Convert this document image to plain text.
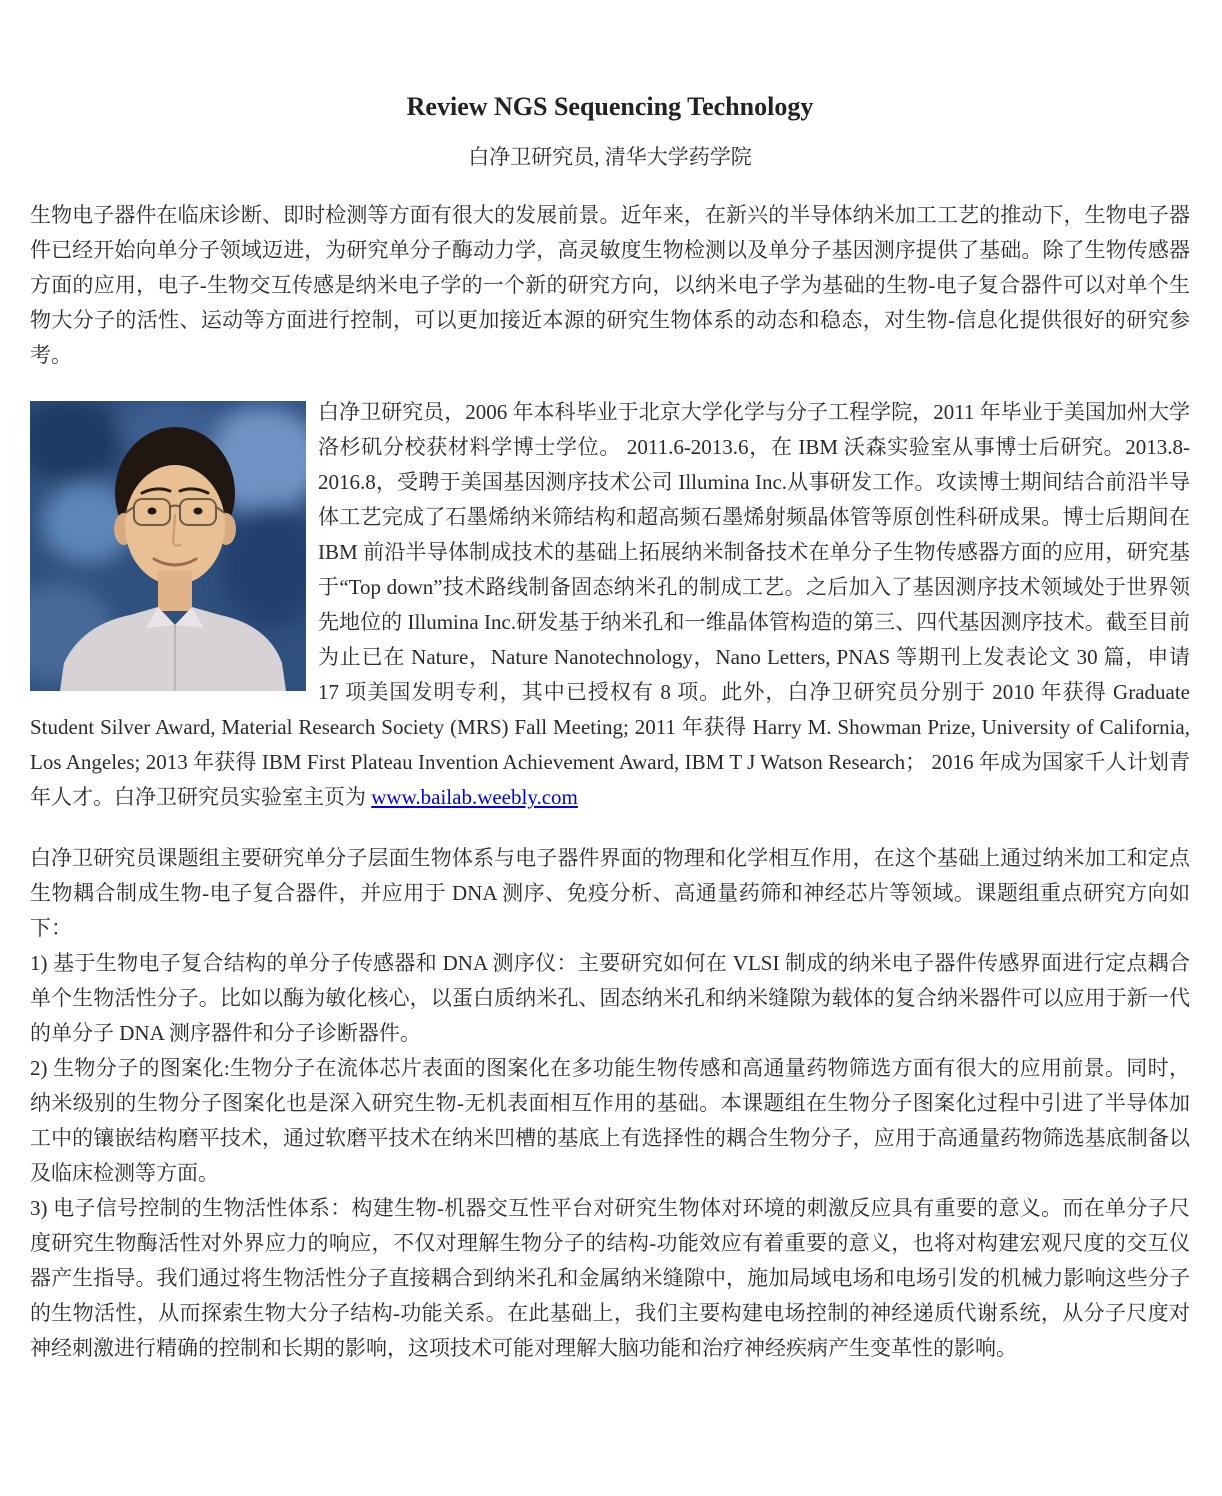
Review NGS Sequencing Technology
白净卫研究员, 清华大学药学院

生物电子器件在临床诊断、即时检测等方面有很大的发展前景。近年来，在新兴的半导体纳米加工工艺的推动下，生物电子器件已经开始向单分子领域迈进，为研究单分子酶动力学，高灵敏度生物检测以及单分子基因测序提供了基础。除了生物传感器方面的应用，电子-生物交互传感是纳米电子学的一个新的研究方向，以纳米电子学为基础的生物-电子复合器件可以对单个生物大分子的活性、运动等方面进行控制，可以更加接近本源的研究生物体系的动态和稳态，对生物-信息化提供很好的研究参考。

白净卫研究员，2006 年本科毕业于北京大学化学与分子工程学院，2011 年毕业于美国加州大学洛杉矶分校获材料学博士学位。 2011.6-2013.6，在 IBM 沃森实验室从事博士后研究。2013.8-2016.8，受聘于美国基因测序技术公司 Illumina Inc.从事研发工作。攻读博士期间结合前沿半导体工艺完成了石墨烯纳米筛结构和超高频石墨烯射频晶体管等原创性科研成果。博士后期间在 IBM 前沿半导体制成技术的基础上拓展纳米制备技术在单分子生物传感器方面的应用，研究基于“Top down”技术路线制备固态纳米孔的制成工艺。之后加入了基因测序技术领域处于世界领先地位的 Illumina Inc.研发基于纳米孔和一维晶体管构造的第三、四代基因测序技术。截至目前为止已在 Nature，Nature Nanotechnology，Nano Letters, PNAS 等期刊上发表论文 30 篇，申请 17 项美国发明专利，其中已授权有 8 项。此外，白净卫研究员分别于 2010 年获得 Graduate Student Silver Award, Material Research Society (MRS) Fall Meeting; 2011 年获得 Harry M. Showman Prize, University of California, Los Angeles; 2013 年获得 IBM First Plateau Invention Achievement Award, IBM T J Watson Research； 2016 年成为国家千人计划青年人才。白净卫研究员实验室主页为 www.bailab.weebly.com

白净卫研究员课题组主要研究单分子层面生物体系与电子器件界面的物理和化学相互作用，在这个基础上通过纳米加工和定点生物耦合制成生物-电子复合器件，并应用于 DNA 测序、免疫分析、高通量药筛和神经芯片等领域。课题组重点研究方向如下：

1) 基于生物电子复合结构的单分子传感器和 DNA 测序仪：主要研究如何在 VLSI 制成的纳米电子器件传感界面进行定点耦合单个生物活性分子。比如以酶为敏化核心，以蛋白质纳米孔、固态纳米孔和纳米缝隙为载体的复合纳米器件可以应用于新一代的单分子 DNA 测序器件和分子诊断器件。

2) 生物分子的图案化:生物分子在流体芯片表面的图案化在多功能生物传感和高通量药物筛选方面有很大的应用前景。同时，纳米级别的生物分子图案化也是深入研究生物-无机表面相互作用的基础。本课题组在生物分子图案化过程中引进了半导体加工中的镶嵌结构磨平技术，通过软磨平技术在纳米凹槽的基底上有选择性的耦合生物分子，应用于高通量药物筛选基底制备以及临床检测等方面。

3) 电子信号控制的生物活性体系：构建生物-机器交互性平台对研究生物体对环境的刺激反应具有重要的意义。而在单分子尺度研究生物酶活性对外界应力的响应，不仅对理解生物分子的结构-功能效应有着重要的意义，也将对构建宏观尺度的交互仪器产生指导。我们通过将生物活性分子直接耦合到纳米孔和金属纳米缝隙中，施加局域电场和电场引发的机械力影响这些分子的生物活性，从而探索生物大分子结构-功能关系。在此基础上，我们主要构建电场控制的神经递质代谢系统，从分子尺度对神经刺激进行精确的控制和长期的影响，这项技术可能对理解大脑功能和治疗神经疾病产生变革性的影响。
